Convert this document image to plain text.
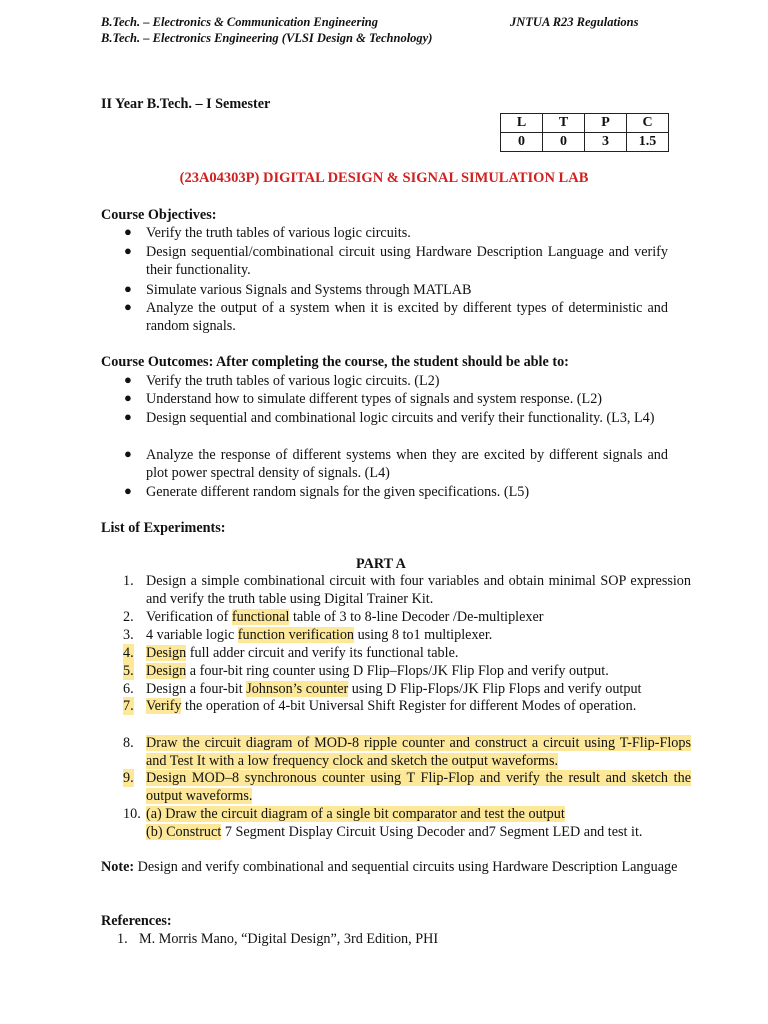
B.Tech. – Electronics & Communication Engineering
B.Tech. – Electronics Engineering (VLSI Design & Technology)
JNTUA R23 Regulations
II Year B.Tech. – I Semester
L	T	P	C
0	0	3	1.5
(23A04303P) DIGITAL DESIGN & SIGNAL SIMULATION LAB
Course Objectives:
● Verify the truth tables of various logic circuits.
● Design sequential/combinational circuit using Hardware Description Language and verify their functionality.
● Simulate various Signals and Systems through MATLAB
● Analyze the output of a system when it is excited by different types of deterministic and random signals.
Course Outcomes: After completing the course, the student should be able to:
● Verify the truth tables of various logic circuits. (L2)
● Understand how to simulate different types of signals and system response. (L2)
● Design sequential and combinational logic circuits and verify their functionality. (L3, L4)
● Analyze the response of different systems when they are excited by different signals and plot power spectral density of signals. (L4)
● Generate different random signals for the given specifications. (L5)
List of Experiments:
PART A
1. Design a simple combinational circuit with four variables and obtain minimal SOP expression and verify the truth table using Digital Trainer Kit.
2. Verification of functional table of 3 to 8-line Decoder /De-multiplexer
3. 4 variable logic function verification using 8 to1 multiplexer.
4. Design full adder circuit and verify its functional table.
5. Design a four-bit ring counter using D Flip–Flops/JK Flip Flop and verify output.
6. Design a four-bit Johnson’s counter using D Flip-Flops/JK Flip Flops and verify output
7. Verify the operation of 4-bit Universal Shift Register for different Modes of operation.
8. Draw the circuit diagram of MOD-8 ripple counter and construct a circuit using T-Flip-Flops and Test It with a low frequency clock and sketch the output waveforms.
9. Design MOD–8 synchronous counter using T Flip-Flop and verify the result and sketch the output waveforms.
10. (a) Draw the circuit diagram of a single bit comparator and test the output
(b) Construct 7 Segment Display Circuit Using Decoder and7 Segment LED and test it.
Note: Design and verify combinational and sequential circuits using Hardware Description Language
References:
1. M. Morris Mano, “Digital Design”, 3rd Edition, PHI
